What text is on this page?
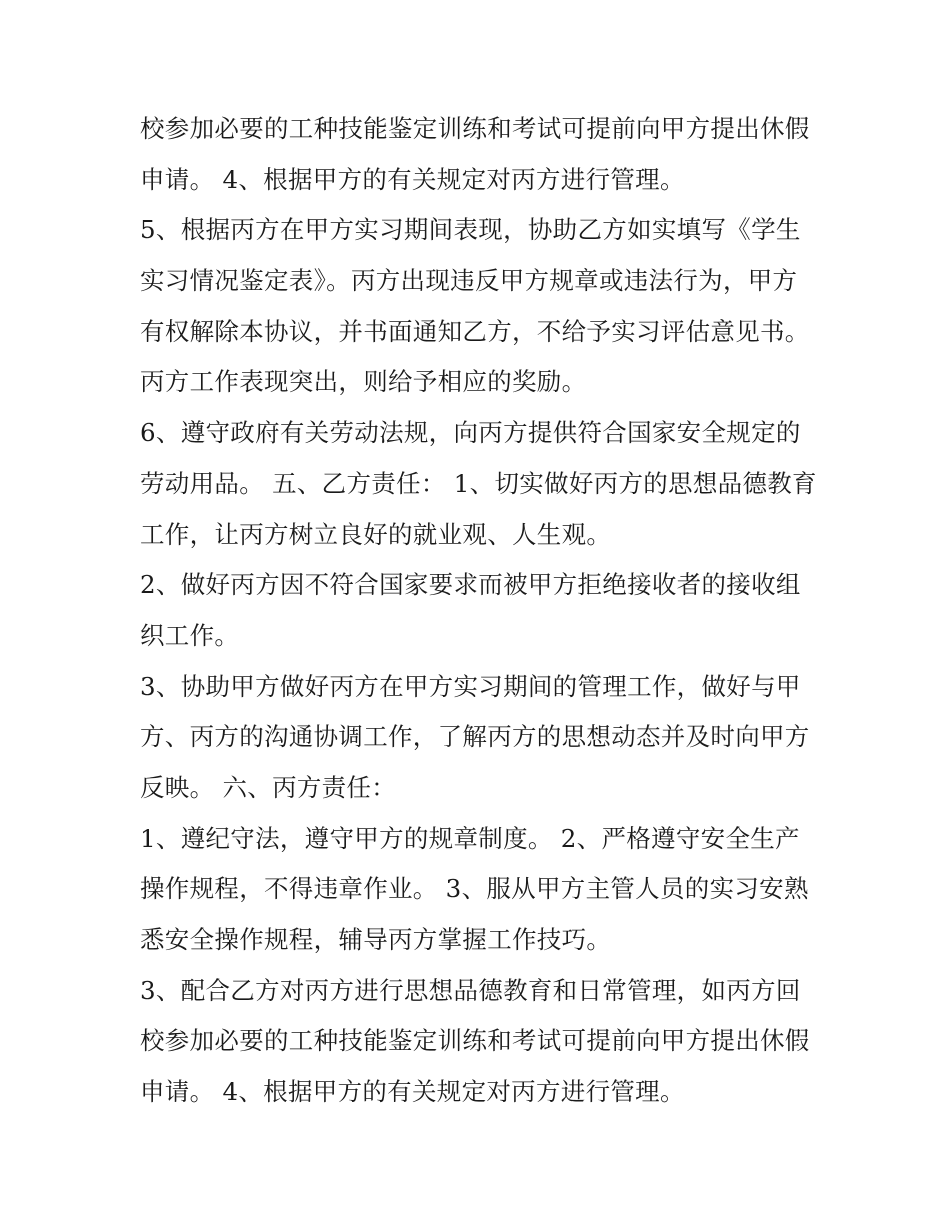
校参加必要的工种技能鉴定训练和考试可提前向甲方提出休假
申请。 4、根据甲方的有关规定对丙方进行管理。

5、根据丙方在甲方实习期间表现，协助乙方如实填写《学生
实习情况鉴定表》。丙方出现违反甲方规章或违法行为，甲方
有权解除本协议，并书面通知乙方，不给予实习评估意见书。
丙方工作表现突出，则给予相应的奖励。

6、遵守政府有关劳动法规，向丙方提供符合国家安全规定的
劳动用品。 五、乙方责任： 1、切实做好丙方的思想品德教育
工作，让丙方树立良好的就业观、人生观。

2、做好丙方因不符合国家要求而被甲方拒绝接收者的接收组
织工作。

3、协助甲方做好丙方在甲方实习期间的管理工作，做好与甲
方、丙方的沟通协调工作，了解丙方的思想动态并及时向甲方
反映。 六、丙方责任：

1、遵纪守法，遵守甲方的规章制度。 2、严格遵守安全生产
操作规程，不得违章作业。 3、服从甲方主管人员的实习安熟
悉安全操作规程，辅导丙方掌握工作技巧。

3、配合乙方对丙方进行思想品德教育和日常管理，如丙方回
校参加必要的工种技能鉴定训练和考试可提前向甲方提出休假
申请。 4、根据甲方的有关规定对丙方进行管理。
